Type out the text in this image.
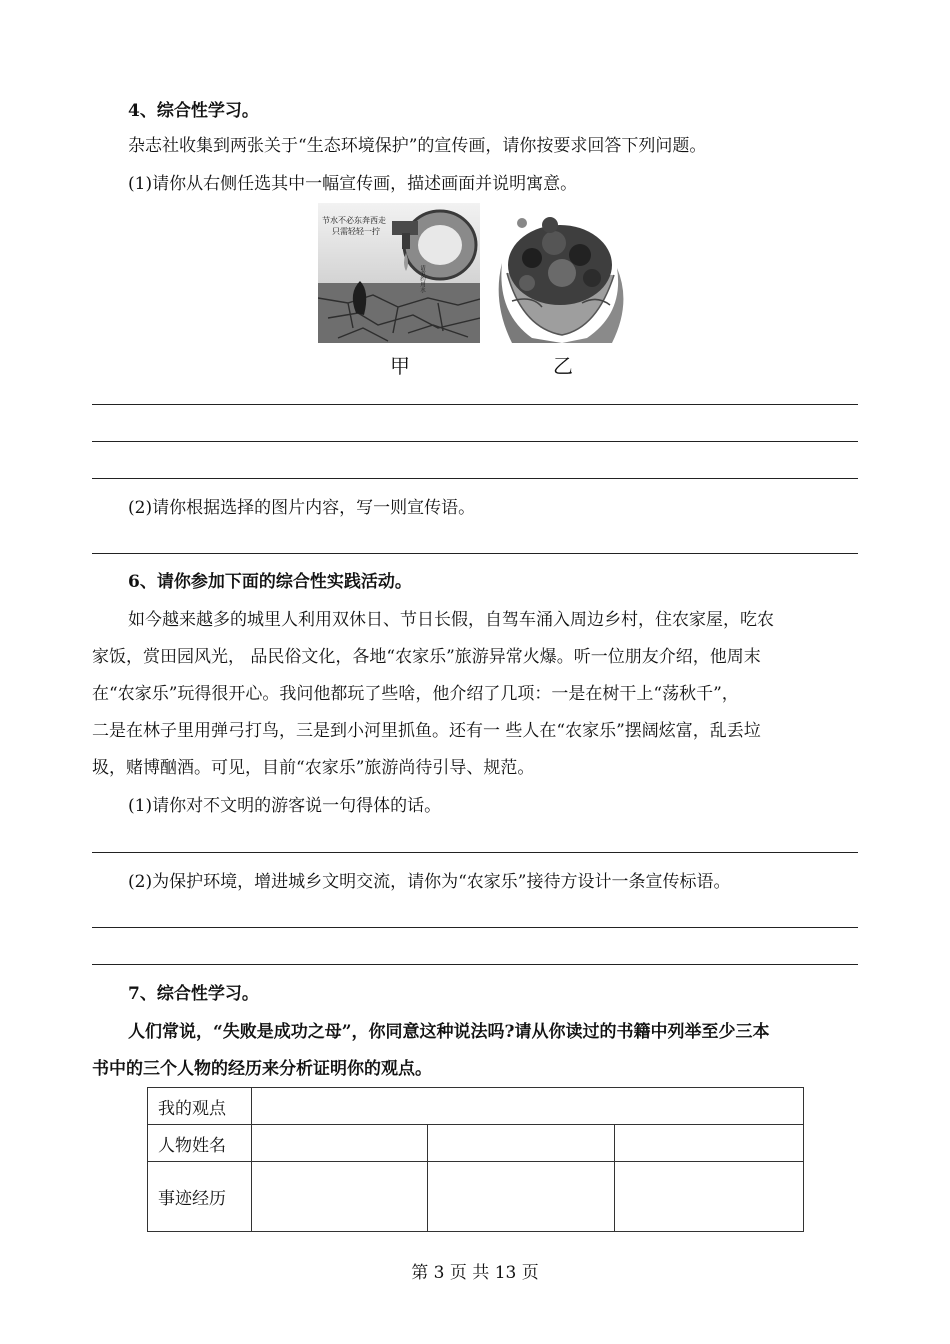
4、综合性学习。
杂志社收集到两张关于“生态环境保护”的宣传画，请你按要求回答下列问题。
(1)请你从右侧任选其中一幅宣传画，描述画面并说明寓意。
节水不必东奔西走
只需轻轻一拧
请节约用水
甲	乙
(2)请你根据选择的图片内容，写一则宣传语。
6、请你参加下面的综合性实践活动。
如今越来越多的城里人利用双休日、节日长假，自驾车涌入周边乡村，住农家屋，吃农
家饭，赏田园风光， 品民俗文化，各地“农家乐”旅游异常火爆。听一位朋友介绍，他周末
在“农家乐”玩得很开心。我问他都玩了些啥，他介绍了几项：一是在树干上“荡秋千”，
二是在林子里用弹弓打鸟，三是到小河里抓鱼。还有一 些人在“农家乐”摆阔炫富，乱丢垃
圾，赌博酗酒。可见，目前“农家乐”旅游尚待引导、规范。
(1)请你对不文明的游客说一句得体的话。
(2)为保护环境，增进城乡文明交流，请你为“农家乐”接待方设计一条宣传标语。
7、综合性学习。
人们常说，“失败是成功之母”，你同意这种说法吗?请从你读过的书籍中列举至少三本
书中的三个人物的经历来分析证明你的观点。
我的观点			
人物姓名			
事迹经历			
第 3 页 共 13 页
